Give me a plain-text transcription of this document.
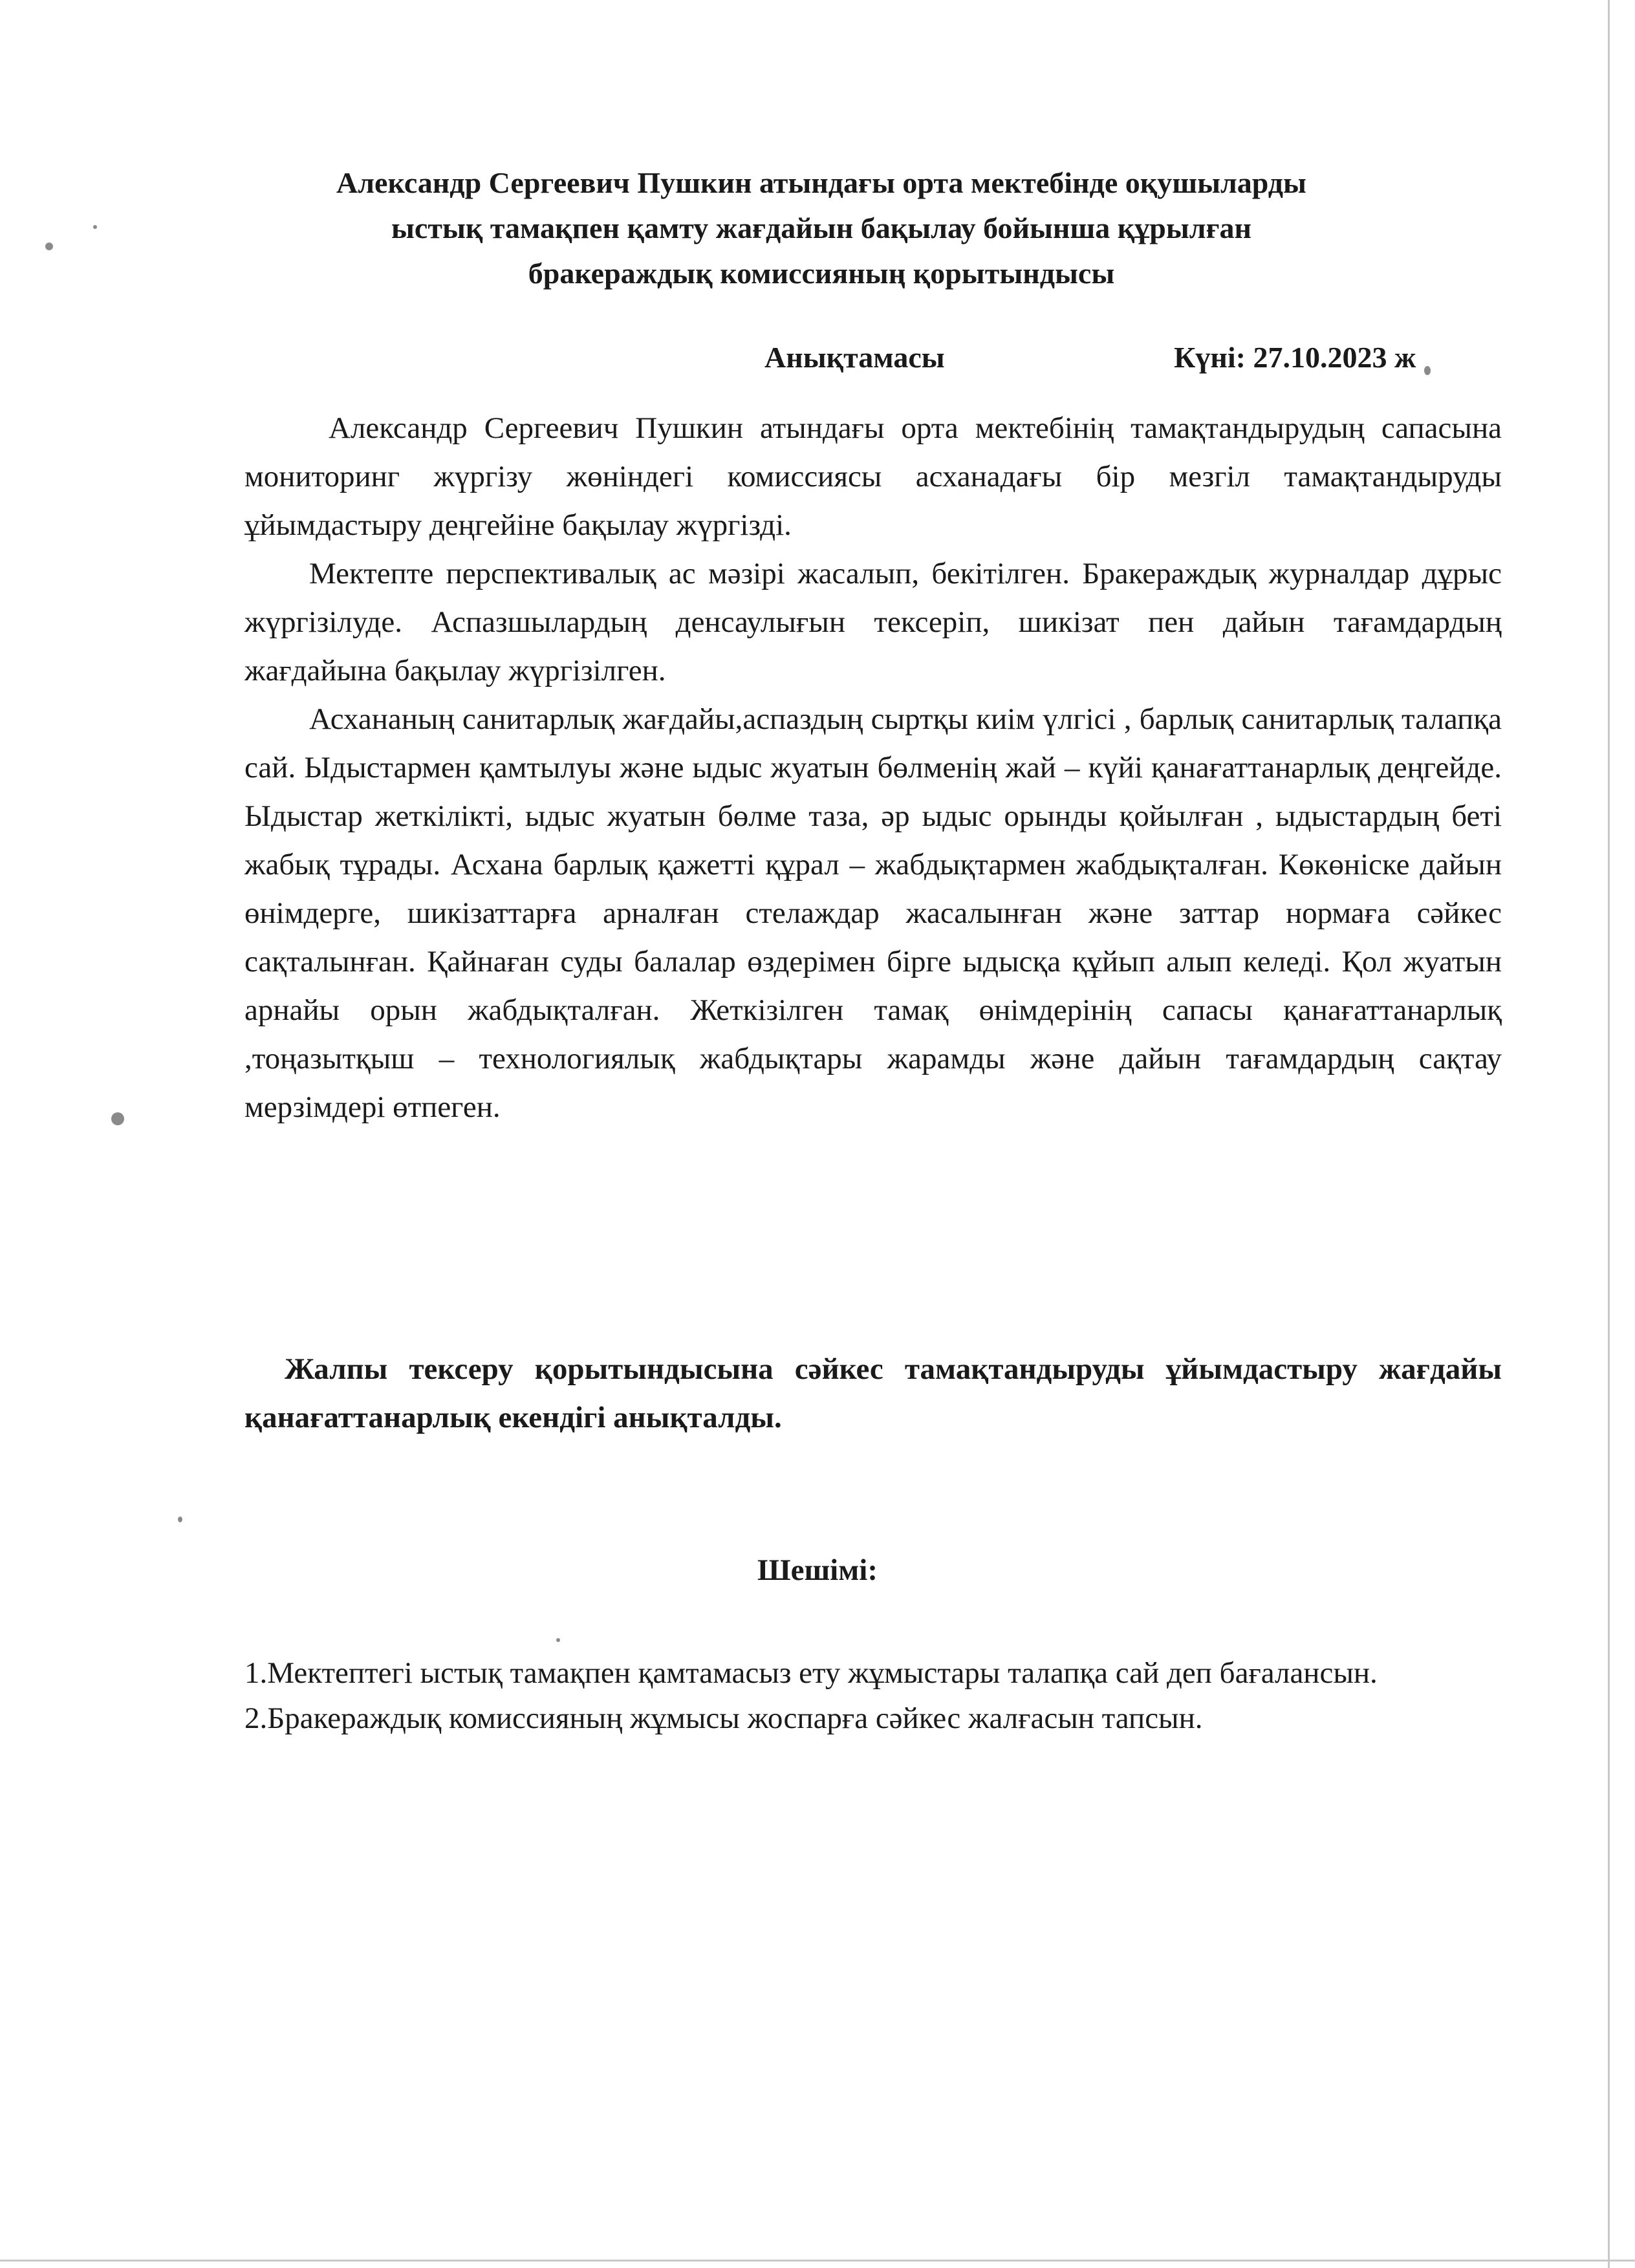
Александр Сергеевич Пушкин атындағы орта мектебінде оқушыларды
ыстық тамақпен қамту жағдайын бақылау бойынша құрылған
бракераждық комиссияның қорытындысы
Анықтамасы	Күні: 27.10.2023 ж

Александр Сергеевич Пушкин атындағы орта мектебінің тамақтандырудың сапасына мониторинг жүргізу жөніндегі комиссиясы асханадағы бір мезгіл тамақтандыруды ұйымдастыру деңгейіне бақылау жүргізді.

Мектепте перспективалық ас мәзірі жасалып, бекітілген. Бракераждық журналдар дұрыс жүргізілуде. Аспазшылардың денсаулығын тексеріп, шикізат пен дайын тағамдардың жағдайына бақылау жүргізілген.

Асхананың санитарлық жағдайы,аспаздың сыртқы киім үлгісі , барлық санитарлық талапқа сай. Ыдыстармен қамтылуы және ыдыс жуатын бөлменің жай – күйі қанағаттанарлық деңгейде. Ыдыстар жеткілікті, ыдыс жуатын бөлме таза, әр ыдыс орынды қойылған , ыдыстардың беті жабық тұрады. Асхана барлық қажетті құрал – жабдықтармен жабдықталған. Көкөніске дайын өнімдерге, шикізаттарға арналған стелаждар жасалынған және заттар нормаға сәйкес сақталынған. Қайнаған суды балалар өздерімен бірге ыдысқа құйып алып келеді. Қол жуатын арнайы орын жабдықталған. Жеткізілген тамақ өнімдерінің сапасы қанағаттанарлық ,тоңазытқыш – технологиялық жабдықтары жарамды және дайын тағамдардың сақтау мерзімдері өтпеген.

Жалпы тексеру қорытындысына сәйкес тамақтандыруды ұйымдастыру жағдайы қанағаттанарлық екендігі анықталды.

Шешімі:

1.Мектептегі ыстық тамақпен қамтамасыз ету жұмыстары талапқа сай деп бағалансын.

2.Бракераждық комиссияның жұмысы жоспарға сәйкес жалғасын тапсын.
